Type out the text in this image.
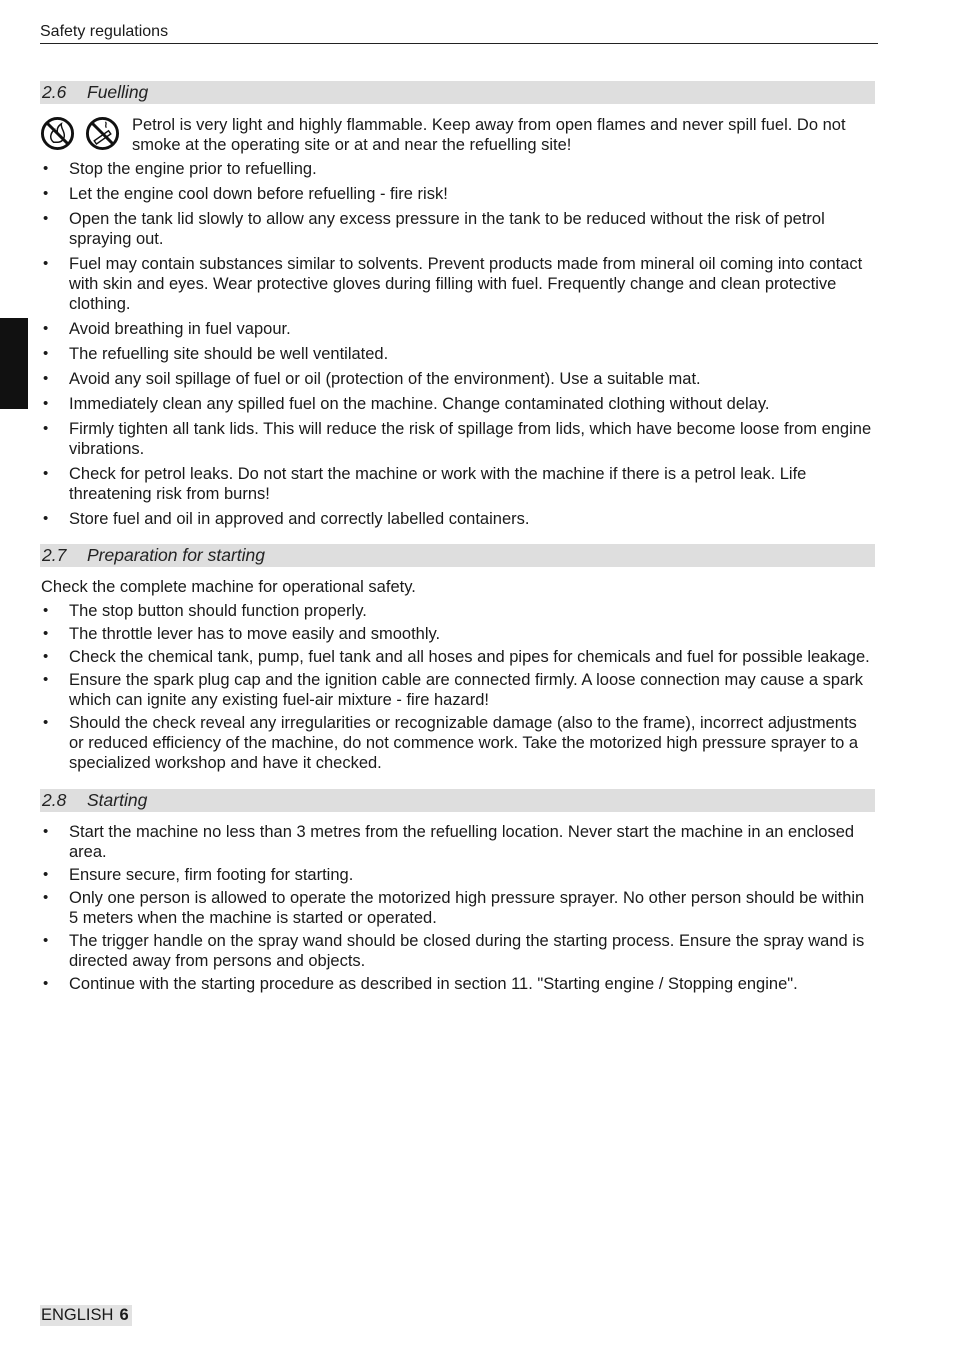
Safety regulations
2.6 Fuelling
Petrol is very light and highly flammable. Keep away from open flames and never spill fuel. Do not smoke at the operating site or at and near the refuelling site!
• Stop the engine prior to refuelling.
• Let the engine cool down before refuelling - fire risk!
• Open the tank lid slowly to allow any excess pressure in the tank to be reduced without the risk of petrol spraying out.
• Fuel may contain substances similar to solvents. Prevent products made from mineral oil coming into contact with skin and eyes. Wear protective gloves during filling with fuel. Frequently change and clean protective clothing.
• Avoid breathing in fuel vapour.
• The refuelling site should be well ventilated.
• Avoid any soil spillage of fuel or oil (protection of the environment). Use a suitable mat.
• Immediately clean any spilled fuel on the machine. Change contaminated clothing without delay.
• Firmly tighten all tank lids. This will reduce the risk of spillage from lids, which have become loose from engine vibrations.
• Check for petrol leaks. Do not start the machine or work with the machine if there is a petrol leak. Life threatening risk from burns!
• Store fuel and oil in approved and correctly labelled containers.
2.7 Preparation for starting
Check the complete machine for operational safety.
• The stop button should function properly.
• The throttle lever has to move easily and smoothly.
• Check the chemical tank, pump, fuel tank and all hoses and pipes for chemicals and fuel for possible leakage.
• Ensure the spark plug cap and the ignition cable are connected firmly. A loose connection may cause a spark which can ignite any existing fuel-air mixture - fire hazard!
• Should the check reveal any irregularities or recognizable damage (also to the frame), incorrect adjustments or reduced efficiency of the machine, do not commence work. Take the motorized high pressure sprayer to a specialized workshop and have it checked.
2.8 Starting
• Start the machine no less than 3 metres from the refuelling location. Never start the machine in an enclosed area.
• Ensure secure, firm footing for starting.
• Only one person is allowed to operate the motorized high pressure sprayer. No other person should be within 5 meters when the machine is started or operated.
• The trigger handle on the spray wand should be closed during the starting process. Ensure the spray wand is directed away from persons and objects.
• Continue with the starting procedure as described in section 11. "Starting engine / Stopping engine".
ENGLISH 6
